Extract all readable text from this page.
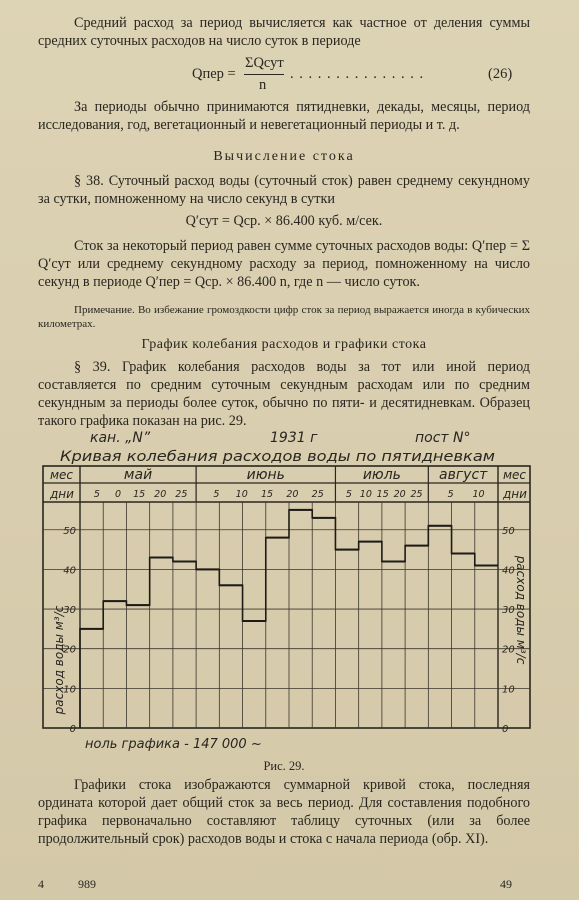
Средний расход за период вычисляется как частное от деления суммы средних суточных расходов на число суток в периоде
Qпер =
ΣQсут
n
. . . . . . . . . . . . . . .	(26)
За периоды обычно принимаются пятидневки, декады, месяцы, период исследования, год, вегетационный и невегетационный периоды и т. д.
Вычисление стока
§ 38. Суточный расход воды (суточный сток) равен среднему секундному за сутки, помноженному на число секунд в сутки
Q′сут = Qср. × 86.400 куб. м/сек.
Сток за некоторый период равен сумме суточных расходов воды: Q′пер = Σ Q′сут или среднему секундному расходу за период, помноженному на число секунд в периоде Q′пер = Qср. × 86.400 n, где n — число суток.
Примечание. Во избежание громоздкости цифр сток за период выражается иногда в кубических километрах.
График колебания расходов и графики стока
§ 39. График колебания расходов воды за тот или иной период составляется по средним суточным секундным расходам или по средним секундным за периоды более суток, обычно по пяти- и десятидневкам. Образец такого графика показан на рис. 29.
кан. „N”	1931 г	пост N°
Кривая колебания расходов воды по пятидневкам
мес
дни
мес
дни
май
5 0 15 20 25
июнь
5 10 15 20 25
июль
5 10 15 20 25
август
5 10
0	0
10	10
20	20
30	30
40	40
50	50
расход воды м³/с	расход воды м³/с
ноль графика - 147 000 ~
Рис. 29.
Графики стока изображаются суммарной кривой стока, последняя ордината которой дает общий сток за весь период. Для составления подобного графика первоначально составляют таблицу суточных (или за более продолжительный срок) расходов воды и стока с начала периода (обр. XI).
4	989	49
